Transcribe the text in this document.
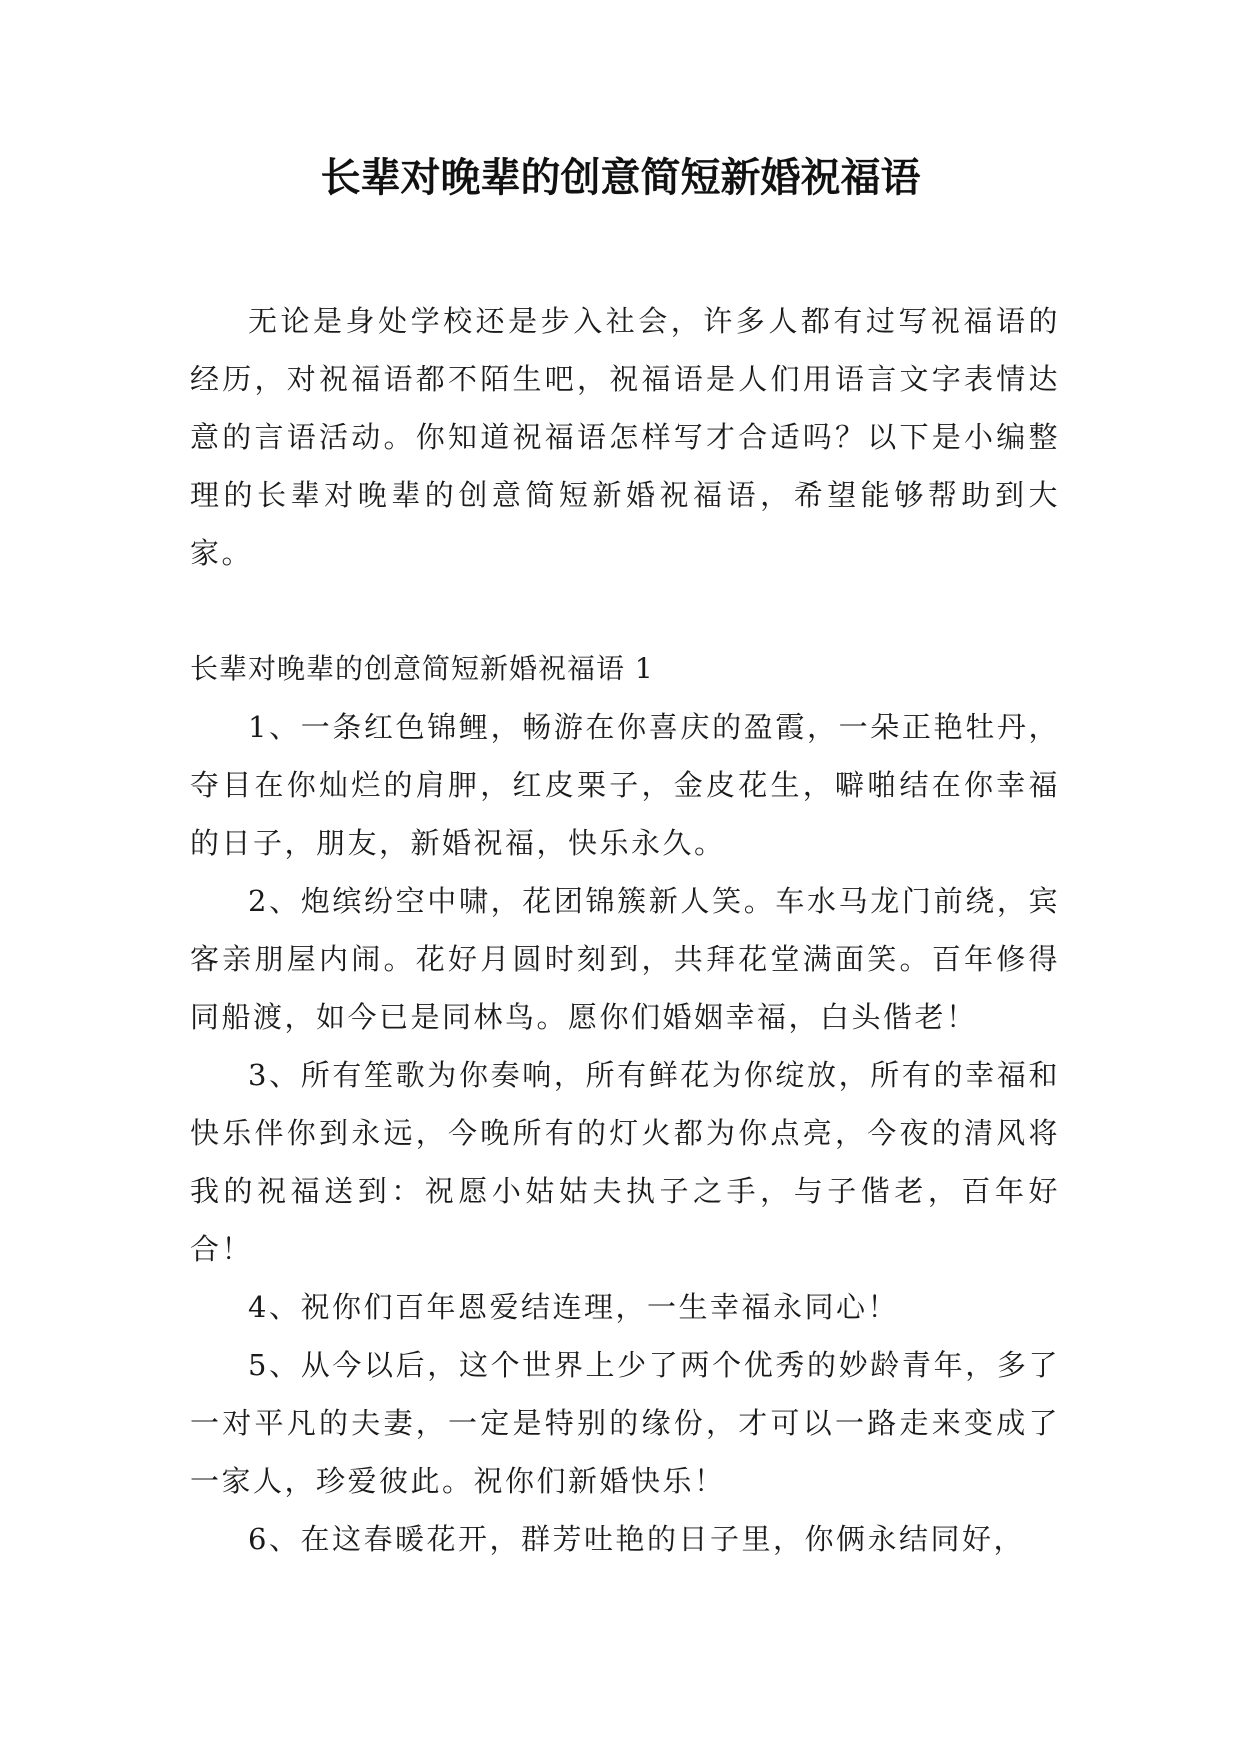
长辈对晚辈的创意简短新婚祝福语

无论是身处学校还是步入社会，许多人都有过写祝福语的经历，对祝福语都不陌生吧，祝福语是人们用语言文字表情达意的言语活动。你知道祝福语怎样写才合适吗？以下是小编整理的长辈对晚辈的创意简短新婚祝福语，希望能够帮助到大家。

长辈对晚辈的创意简短新婚祝福语 1

1、一条红色锦鲤，畅游在你喜庆的盈霞，一朵正艳牡丹，夺目在你灿烂的肩胛，红皮栗子，金皮花生，噼啪结在你幸福的日子，朋友，新婚祝福，快乐永久。

2、炮缤纷空中啸，花团锦簇新人笑。车水马龙门前绕，宾客亲朋屋内闹。花好月圆时刻到，共拜花堂满面笑。百年修得同船渡，如今已是同林鸟。愿你们婚姻幸福，白头偕老！

3、所有笙歌为你奏响，所有鲜花为你绽放，所有的幸福和快乐伴你到永远，今晚所有的灯火都为你点亮，今夜的清风将我的祝福送到：祝愿小姑姑夫执子之手，与子偕老，百年好合！

4、祝你们百年恩爱结连理，一生幸福永同心！

5、从今以后，这个世界上少了两个优秀的妙龄青年，多了一对平凡的夫妻，一定是特别的缘份，才可以一路走来变成了一家人，珍爱彼此。祝你们新婚快乐！

6、在这春暖花开，群芳吐艳的日子里，你俩永结同好，
